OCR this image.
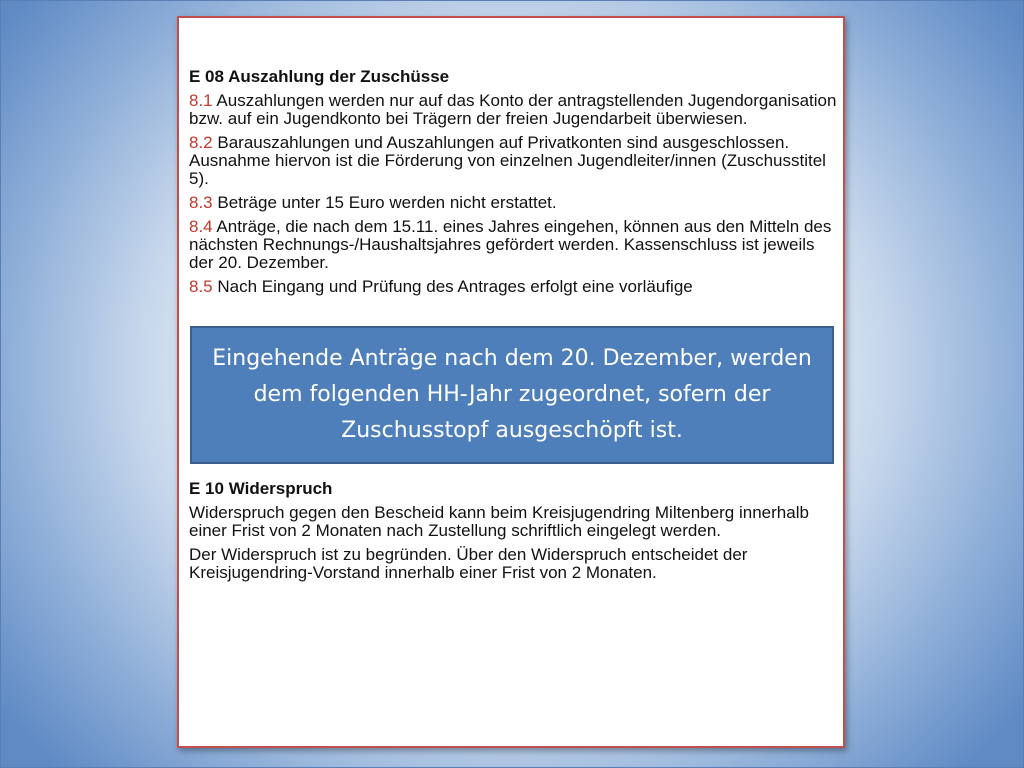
E 08 Auszahlung der Zuschüsse

8.1 Auszahlungen werden nur auf das Konto der antragstellenden Jugendorganisation bzw. auf ein Jugendkonto bei Trägern der freien Jugendarbeit überwiesen.

8.2 Barauszahlungen und Auszahlungen auf Privatkonten sind ausgeschlossen. Ausnahme hiervon ist die Förderung von einzelnen Jugendleiter/innen (Zuschusstitel 5).

8.3 Beträge unter 15 Euro werden nicht erstattet.

8.4 Anträge, die nach dem 15.11. eines Jahres eingehen, können aus den Mitteln des nächsten Rechnungs-/Haushaltsjahres gefördert werden. Kassenschluss ist jeweils der 20. Dezember.

8.5 Nach Eingang und Prüfung des Antrages erfolgt eine vorläufige

E 10 Widerspruch

Widerspruch gegen den Bescheid kann beim Kreisjugendring Miltenberg innerhalb einer Frist von 2 Monaten nach Zustellung schriftlich eingelegt werden.

Der Widerspruch ist zu begründen. Über den Widerspruch entscheidet der Kreisjugendring-Vorstand innerhalb einer Frist von 2 Monaten.

Eingehende Anträge nach dem 20. Dezember, werden dem folgenden HH-Jahr zugeordnet, sofern der Zuschusstopf ausgeschöpft ist.
